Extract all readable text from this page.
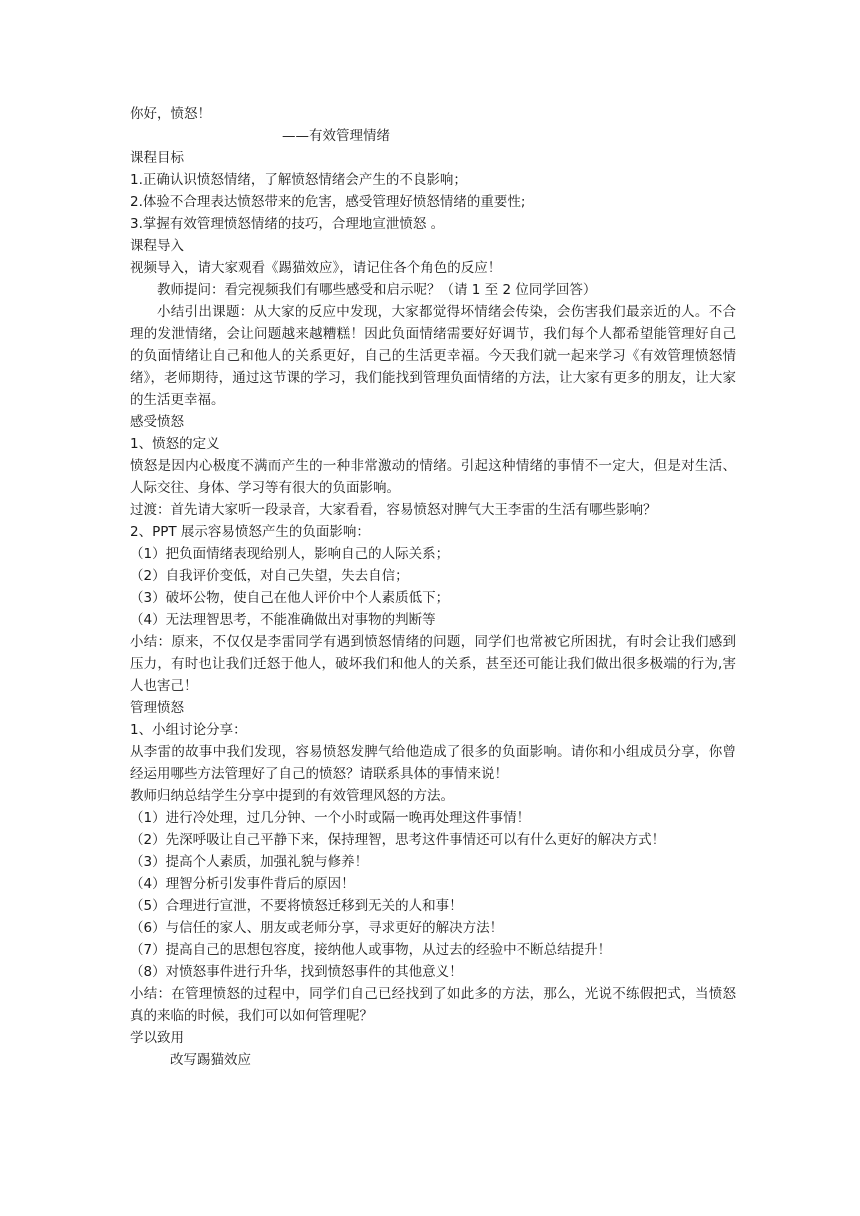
你好，愤怒！

——有效管理情绪

课程目标

1.正确认识愤怒情绪，了解愤怒情绪会产生的不良影响；

2.体验不合理表达愤怒带来的危害，感受管理好愤怒情绪的重要性;

3.掌握有效管理愤怒情绪的技巧，合理地宣泄愤怒 。

课程导入

视频导入，请大家观看《踢猫效应》，请记住各个角色的反应！

教师提问：看完视频我们有哪些感受和启示呢？（请 1 至 2 位同学回答）

小结引出课题：从大家的反应中发现，大家都觉得坏情绪会传染，会伤害我们最亲近的人。不合理的发泄情绪，会让问题越来越糟糕！因此负面情绪需要好好调节，我们每个人都希望能管理好自己的负面情绪让自己和他人的关系更好，自己的生活更幸福。今天我们就一起来学习《有效管理愤怒情绪》，老师期待，通过这节课的学习，我们能找到管理负面情绪的方法，让大家有更多的朋友，让大家的生活更幸福。

感受愤怒

1、愤怒的定义

愤怒是因内心极度不满而产生的一种非常激动的情绪。引起这种情绪的事情不一定大，但是对生活、人际交往、身体、学习等有很大的负面影响。

过渡：首先请大家听一段录音，大家看看，容易愤怒对脾气大王李雷的生活有哪些影响？

2、PPT 展示容易愤怒产生的负面影响：

（1）把负面情绪表现给别人，影响自己的人际关系；

（2）自我评价变低，对自己失望，失去自信；

（3）破坏公物，使自己在他人评价中个人素质低下；

（4）无法理智思考，不能准确做出对事物的判断等

小结：原来，不仅仅是李雷同学有遇到愤怒情绪的问题，同学们也常被它所困扰，有时会让我们感到压力，有时也让我们迁怒于他人，破坏我们和他人的关系，甚至还可能让我们做出很多极端的行为,害人也害己！

管理愤怒

1、小组讨论分享：

从李雷的故事中我们发现，容易愤怒发脾气给他造成了很多的负面影响。请你和小组成员分享，你曾经运用哪些方法管理好了自己的愤怒？请联系具体的事情来说！

教师归纳总结学生分享中提到的有效管理风怒的方法。

（1）进行冷处理，过几分钟、一个小时或隔一晚再处理这件事情！

（2）先深呼吸让自己平静下来，保持理智，思考这件事情还可以有什么更好的解决方式！

（3）提高个人素质，加强礼貌与修养！

（4）理智分析引发事件背后的原因！

（5）合理进行宣泄，不要将愤怒迁移到无关的人和事！

（6）与信任的家人、朋友或老师分享，寻求更好的解决方法！

（7）提高自己的思想包容度，接纳他人或事物，从过去的经验中不断总结提升！

（8）对愤怒事件进行升华，找到愤怒事件的其他意义！

小结：在管理愤怒的过程中，同学们自己已经找到了如此多的方法，那么，光说不练假把式，当愤怒真的来临的时候，我们可以如何管理呢？

学以致用

改写踢猫效应
